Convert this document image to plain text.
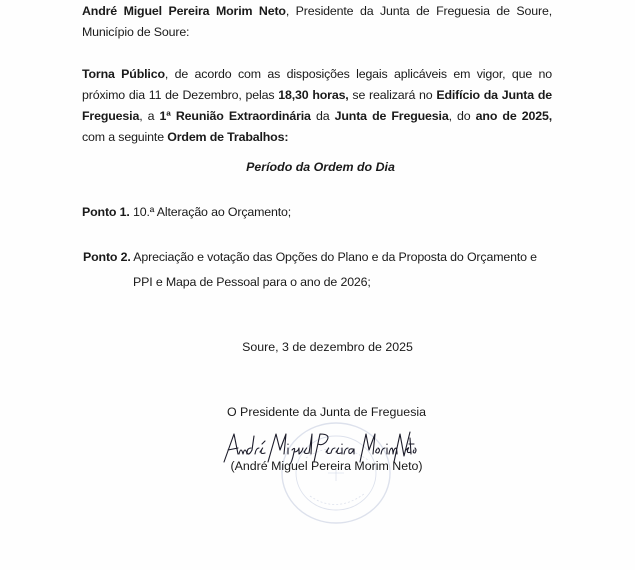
André Miguel Pereira Morim Neto, Presidente da Junta de Freguesia de Soure, Município de Soure:
Torna Público, de acordo com as disposições legais aplicáveis em vigor, que no próximo dia 11 de Dezembro, pelas 18,30 horas, se realizará no Edifício da Junta de Freguesia, a 1ª Reunião Extraordinária da Junta de Freguesia, do ano de 2025, com a seguinte Ordem de Trabalhos:
Período da Ordem do Dia
Ponto 1. 10.ª Alteração ao Orçamento;
Ponto 2. Apreciação e votação das Opções do Plano e da Proposta do Orçamento e
PPI e Mapa de Pessoal para o ano de 2026;
Soure, 3 de dezembro de 2025
O Presidente da Junta de Freguesia
(André Miguel Pereira Morim Neto)
